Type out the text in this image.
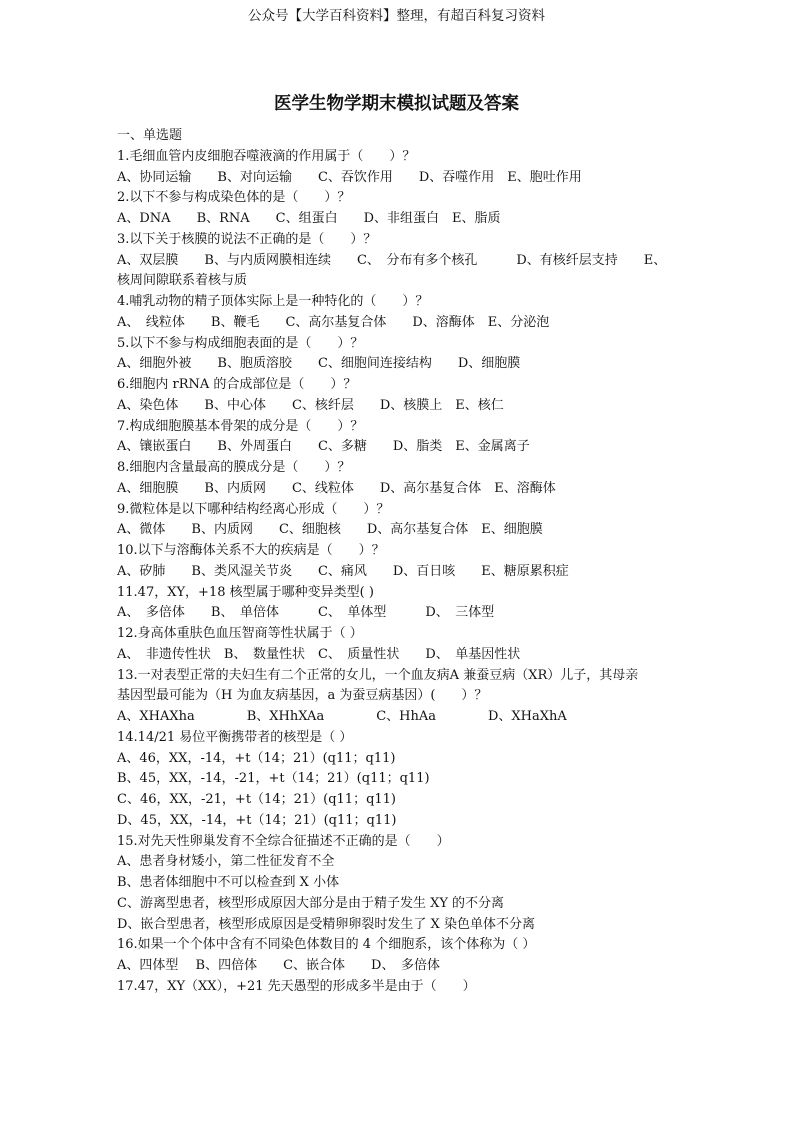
公众号【大学百科资料】整理，有超百科复习资料
医学生物学期末模拟试题及答案
一、单选题
1.毛细血管内皮细胞吞噬液滴的作用属于（　　）？
A、协同运输　　B、对向运输　　C、吞饮作用　　D、吞噬作用　E、胞吐作用
2.以下不参与构成染色体的是（　　）？
A、DNA　　B、RNA　　C、组蛋白　　D、非组蛋白　E、脂质
3.以下关于核膜的说法不正确的是（　　）？
A、双层膜　　B、与内质网膜相连续　　C、　分布有多个核孔　　　D、有核纤层支持　　E、
核周间隙联系着核与质
4.哺乳动物的精子顶体实际上是一种特化的（　　）？
A、　线粒体　　B、鞭毛　　C、高尔基复合体　　D、溶酶体　E、分泌泡
5.以下不参与构成细胞表面的是（　　）？
A、细胞外被　　B、胞质溶胶　　C、细胞间连接结构　　D、细胞膜
6.细胞内 rRNA 的合成部位是（　　）？
A、染色体　　B、中心体　　C、核纤层　　D、核膜上　E、核仁
7.构成细胞膜基本骨架的成分是（　　）？
A、镶嵌蛋白　　B、外周蛋白　　C、多糖　　D、脂类　E、金属离子
8.细胞内含量最高的膜成分是（　　）？
A、细胞膜　　B、内质网　　C、线粒体　　D、高尔基复合体　E、溶酶体
9.微粒体是以下哪种结构经离心形成（　　）？
A、微体　　B、内质网　　C、细胞核　　D、高尔基复合体　E、细胞膜
10.以下与溶酶体关系不大的疾病是（　　）？
A、矽肺　　B、类风湿关节炎　　C、痛风　　D、百日咳　　E、糖原累积症
11.47，XY，+18 核型属于哪种变异类型( )
A、　多倍体　　B、　单倍体　　　C、　单体型　　　D、　三体型
12.身高体重肤色血压智商等性状属于（ ）
A、　非遗传性状　B、　数量性状　C、　质量性状　　D、　单基因性状
13.一对表型正常的夫妇生有二个正常的女儿，一个血友病A 兼蚕豆病（XR）儿子，其母亲
基因型最可能为（H 为血友病基因，a 为蚕豆病基因）(　　）？
A、XHAXha　　　　B、XHhXAa　　　　C、HhAa　　　　D、XHaXhA
14.14/21 易位平衡携带者的核型是（ ）
A、46，XX，-14，+t（14；21）(q11；q11)
B、45，XX，-14，-21，+t（14；21）(q11；q11)
C、46，XX，-21，+t（14；21）(q11；q11)
D、45，XX，-14，+t（14；21）(q11；q11)
15.对先天性卵巢发育不全综合征描述不正确的是（　　）
A、患者身材矮小，第二性征发育不全
B、患者体细胞中不可以检查到 X 小体
C、游离型患者，核型形成原因大部分是由于精子发生 XY 的不分离
D、嵌合型患者，核型形成原因是受精卵卵裂时发生了 X 染色单体不分离
16.如果一个个体中含有不同染色体数目的 4 个细胞系，该个体称为（ ）
A、四体型　 B、四倍体　　C、嵌合体　　D、　多倍体
17.47，XY（XX），+21 先天愚型的形成多半是由于（　　）
